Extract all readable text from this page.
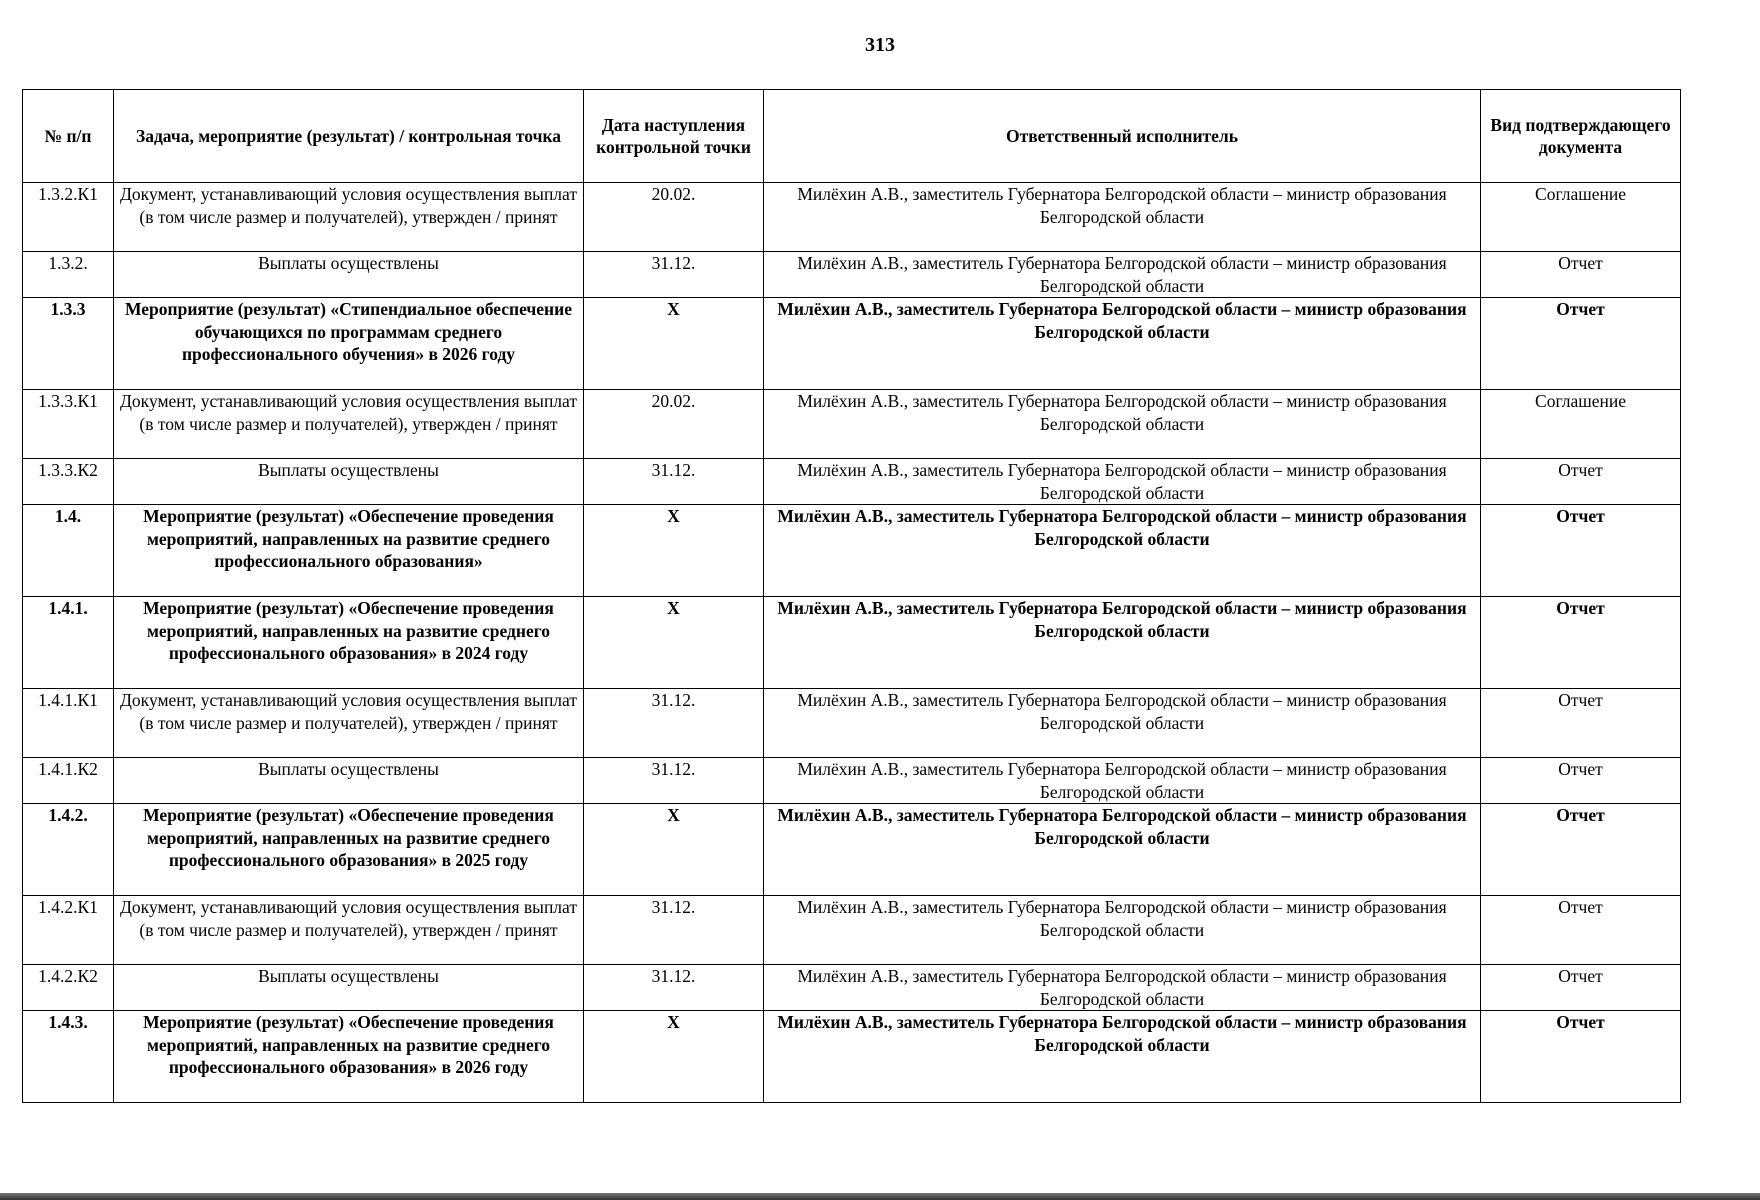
313
№ п/п	Задача, мероприятие (результат) / контрольная точка	Дата наступления контрольной точки	Ответственный исполнитель	Вид подтверждающего документа
1.3.2.К1	Документ, устанавливающий условия осуществления выплат (в том числе размер и получателей), утвержден / принят	20.02.	Милёхин А.В., заместитель Губернатора Белгородской области – министр образования Белгородской области	Соглашение
1.3.2.	Выплаты осуществлены	31.12.	Милёхин А.В., заместитель Губернатора Белгородской области – министр образования Белгородской области	Отчет
1.3.3	Мероприятие (результат) «Стипендиальное обеспечение обучающихся по программам среднего профессионального обучения» в 2026 году	Х	Милёхин А.В., заместитель Губернатора Белгородской области – министр образования Белгородской области	Отчет
1.3.3.К1	Документ, устанавливающий условия осуществления выплат (в том числе размер и получателей), утвержден / принят	20.02.	Милёхин А.В., заместитель Губернатора Белгородской области – министр образования Белгородской области	Соглашение
1.3.3.К2	Выплаты осуществлены	31.12.	Милёхин А.В., заместитель Губернатора Белгородской области – министр образования Белгородской области	Отчет
1.4.	Мероприятие (результат) «Обеспечение проведения мероприятий, направленных на развитие среднего профессионального образования»	Х	Милёхин А.В., заместитель Губернатора Белгородской области – министр образования Белгородской области	Отчет
1.4.1.	Мероприятие (результат) «Обеспечение проведения мероприятий, направленных на развитие среднего профессионального образования» в 2024 году	Х	Милёхин А.В., заместитель Губернатора Белгородской области – министр образования Белгородской области	Отчет
1.4.1.К1	Документ, устанавливающий условия осуществления выплат (в том числе размер и получателей), утвержден / принят	31.12.	Милёхин А.В., заместитель Губернатора Белгородской области – министр образования Белгородской области	Отчет
1.4.1.К2	Выплаты осуществлены	31.12.	Милёхин А.В., заместитель Губернатора Белгородской области – министр образования Белгородской области	Отчет
1.4.2.	Мероприятие (результат) «Обеспечение проведения мероприятий, направленных на развитие среднего профессионального образования» в 2025 году	Х	Милёхин А.В., заместитель Губернатора Белгородской области – министр образования Белгородской области	Отчет
1.4.2.К1	Документ, устанавливающий условия осуществления выплат (в том числе размер и получателей), утвержден / принят	31.12.	Милёхин А.В., заместитель Губернатора Белгородской области – министр образования Белгородской области	Отчет
1.4.2.К2	Выплаты осуществлены	31.12.	Милёхин А.В., заместитель Губернатора Белгородской области – министр образования Белгородской области	Отчет
1.4.3.	Мероприятие (результат) «Обеспечение проведения мероприятий, направленных на развитие среднего профессионального образования» в 2026 году	Х	Милёхин А.В., заместитель Губернатора Белгородской области – министр образования Белгородской области	Отчет
